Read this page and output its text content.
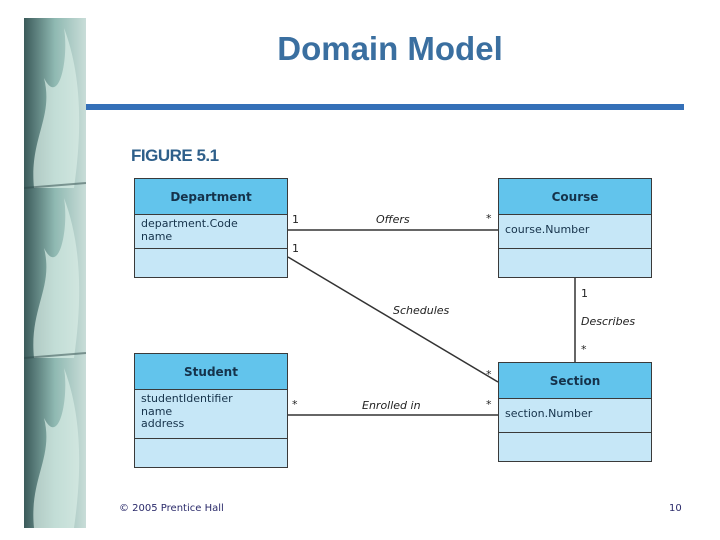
Domain Model
FIGURE 5.1
Department
department.Code
name
Course
course.Number
Student
studentIdentifier
name
address
Section
section.Number
1	Offers	*
1
Schedules
*
1
Describes
*
*	Enrolled in	*
© 2005 Prentice Hall	10
